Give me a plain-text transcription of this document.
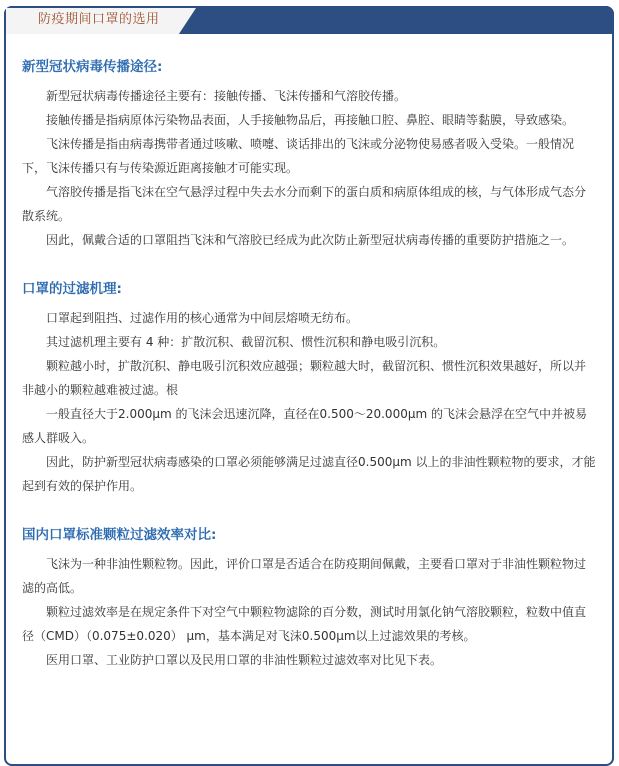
防疫期间口罩的选用
新型冠状病毒传播途径:

新型冠状病毒传播途径主要有：接触传播、飞沫传播和气溶胶传播。

接触传播是指病原体污染物品表面，人手接触物品后，再接触口腔、鼻腔、眼睛等黏膜，导致感染。

飞沫传播是指由病毒携带者通过咳嗽、喷嚏、谈话排出的飞沫或分泌物使易感者吸入受染。一般情况下，飞沫传播只有与传染源近距离接触才可能实现。

气溶胶传播是指飞沫在空气悬浮过程中失去水分而剩下的蛋白质和病原体组成的核，与气体形成气态分散系统。

因此，佩戴合适的口罩阻挡飞沫和气溶胶已经成为此次防止新型冠状病毒传播的重要防护措施之一。

口罩的过滤机理:

口罩起到阻挡、过滤作用的核心通常为中间层熔喷无纺布。

其过滤机理主要有 4 种：扩散沉积、截留沉积、惯性沉积和静电吸引沉积。

颗粒越小时，扩散沉积、静电吸引沉积效应越强；颗粒越大时，截留沉积、惯性沉积效果越好，所以并非越小的颗粒越难被过滤。根

一般直径大于2.000μm 的飞沫会迅速沉降，直径在0.500～20.000μm 的飞沫会悬浮在空气中并被易感人群吸入。

因此，防护新型冠状病毒感染的口罩必须能够满足过滤直径0.500μm 以上的非油性颗粒物的要求，才能起到有效的保护作用。

国内口罩标准颗粒过滤效率对比:

飞沫为一种非油性颗粒物。因此，评价口罩是否适合在防疫期间佩戴，主要看口罩对于非油性颗粒物过滤的高低。

颗粒过滤效率是在规定条件下对空气中颗粒物滤除的百分数，测试时用氯化钠气溶胶颗粒，粒数中值直径（CMD）（0.075±0.020） μm，基本满足对飞沫0.500μm以上过滤效果的考核。

医用口罩、工业防护口罩以及民用口罩的非油性颗粒过滤效率对比见下表。
